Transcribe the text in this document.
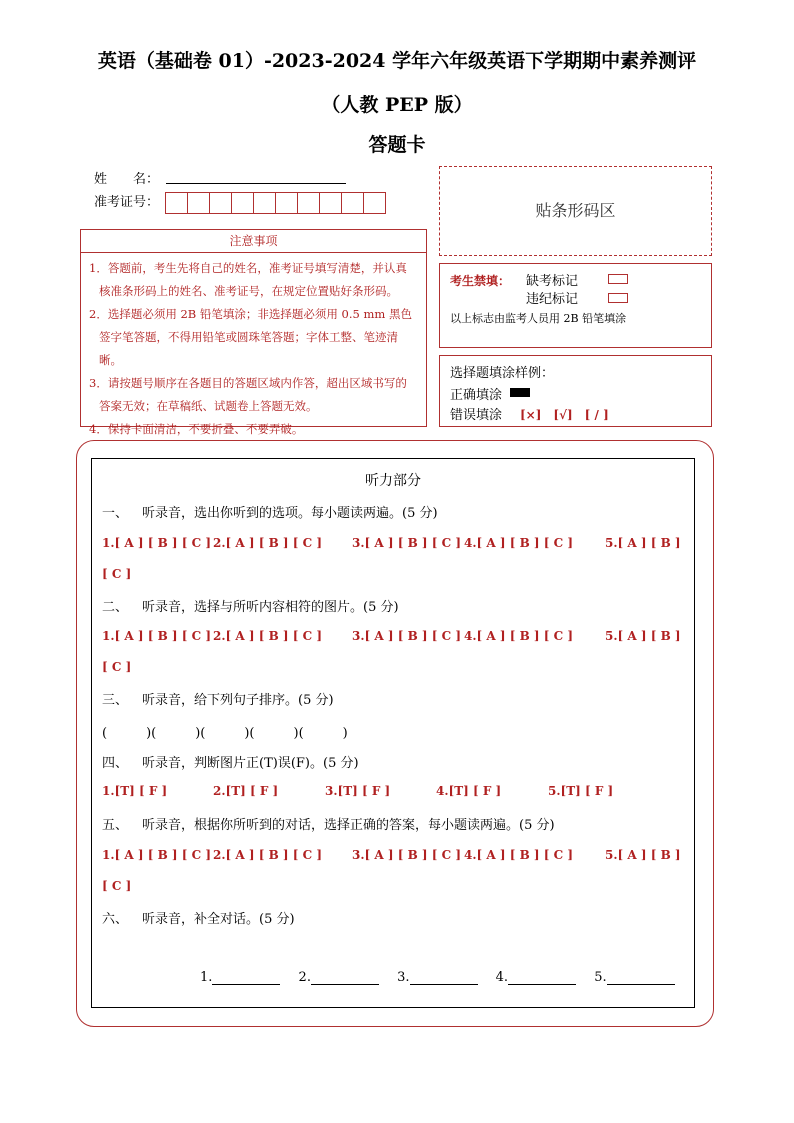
英语（基础卷 01）-2023-2024 学年六年级英语下学期期中素养测评
（人教 PEP 版）
答题卡
姓　　名：
准考证号：	贴条形码区
注意事项
1．答题前，考生先将自己的姓名，准考证号填写清楚，并认真核准条形码上的姓名、准考证号，在规定位置贴好条形码。
2．选择题必须用 2B 铅笔填涂；非选择题必须用 0.5 mm 黑色签字笔答题，不得用铅笔或圆珠笔答题；字体工整、笔迹清晰。
3．请按题号顺序在各题目的答题区域内作答，超出区域书写的答案无效；在草稿纸、试题卷上答题无效。
4．保持卡面清洁，不要折叠、不要弄破。
考生禁填： 缺考标记
违纪标记
以上标志由监考人员用 2B 铅笔填涂
选择题填涂样例：
正确填涂
错误填涂 [×]　[√]　[ / ]
听力部分
一、 听录音，选出你听到的选项。每小题读两遍。(5 分)
1.[ A ] [ B ] [ C ] 2.[ A ] [ B ] [ C ] 3.[ A ] [ B ] [ C ] 4.[ A ] [ B ] [ C ]	5.[ A ] [ B ]
[ C ]
二、 听录音，选择与所听内容相符的图片。(5 分)
1.[ A ] [ B ] [ C ] 2.[ A ] [ B ] [ C ] 3.[ A ] [ B ] [ C ] 4.[ A ] [ B ] [ C ]	5.[ A ] [ B ]
[ C ]
三、 听录音，给下列句子排序。(5 分)
(　　　)(　　　)(　　　)(　　　)(　　　)
四、 听录音，判断图片正(T)误(F)。(5 分)
1.[T] [ F ]	2.[T] [ F ]	3.[T] [ F ]	4.[T] [ F ]	5.[T] [ F ]
五、 听录音，根据你所听到的对话，选择正确的答案，每小题读两遍。(5 分)
1.[ A ] [ B ] [ C ] 2.[ A ] [ B ] [ C ] 3.[ A ] [ B ] [ C ] 4.[ A ] [ B ] [ C ]	5.[ A ] [ B ]
[ C ]
六、 听录音，补全对话。(5 分)
1.	2.	3.	4.	5.
